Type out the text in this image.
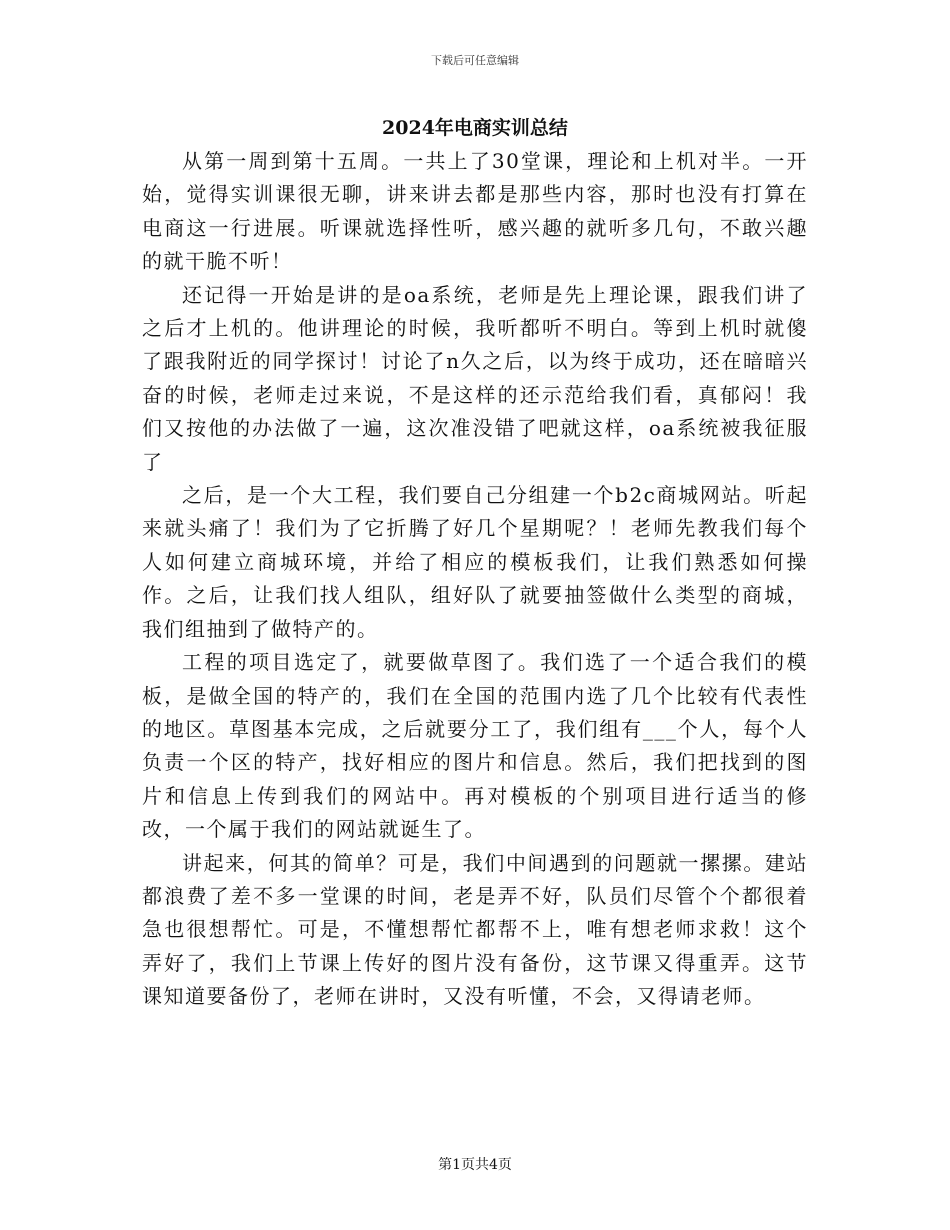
下载后可任意编辑
2024年电商实训总结

从第一周到第十五周。一共上了30堂课，理论和上机对半。一开始，觉得实训课很无聊，讲来讲去都是那些内容，那时也没有打算在电商这一行进展。听课就选择性听，感兴趣的就听多几句，不敢兴趣的就干脆不听！

还记得一开始是讲的是oa系统，老师是先上理论课，跟我们讲了之后才上机的。他讲理论的时候，我听都听不明白。等到上机时就傻了跟我附近的同学探讨！讨论了n久之后，以为终于成功，还在暗暗兴奋的时候，老师走过来说，不是这样的还示范给我们看，真郁闷！我们又按他的办法做了一遍，这次准没错了吧就这样，oa系统被我征服了

之后，是一个大工程，我们要自己分组建一个b2c商城网站。听起来就头痛了！我们为了它折腾了好几个星期呢？！老师先教我们每个人如何建立商城环境，并给了相应的模板我们，让我们熟悉如何操作。之后，让我们找人组队，组好队了就要抽签做什么类型的商城，我们组抽到了做特产的。

工程的项目选定了，就要做草图了。我们选了一个适合我们的模板，是做全国的特产的，我们在全国的范围内选了几个比较有代表性的地区。草图基本完成，之后就要分工了，我们组有___个人，每个人负责一个区的特产，找好相应的图片和信息。然后，我们把找到的图片和信息上传到我们的网站中。再对模板的个别项目进行适当的修改，一个属于我们的网站就诞生了。

讲起来，何其的简单？可是，我们中间遇到的问题就一摞摞。建站都浪费了差不多一堂课的时间，老是弄不好，队员们尽管个个都很着急也很想帮忙。可是，不懂想帮忙都帮不上，唯有想老师求救！这个弄好了，我们上节课上传好的图片没有备份，这节课又得重弄。这节课知道要备份了，老师在讲时，又没有听懂，不会，又得请老师。

第1页共4页
